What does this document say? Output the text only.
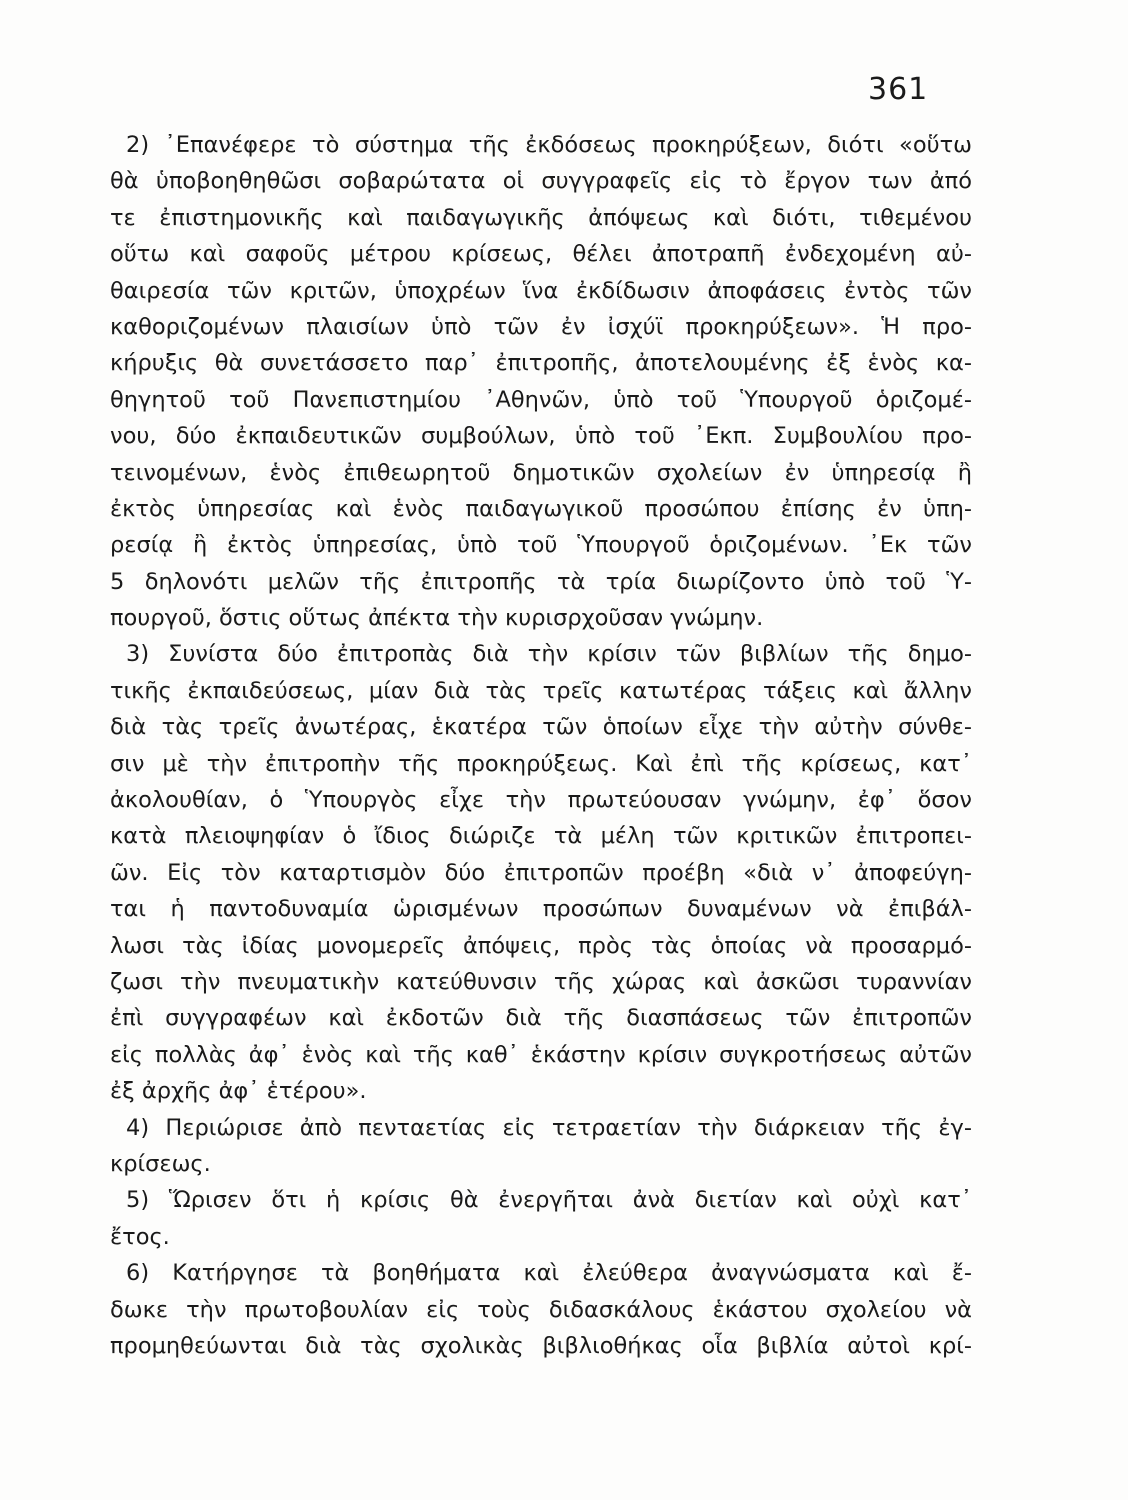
361
2) ᾿Επανέφερε τὸ σύστημα τῆς ἐκδόσεως προκηρύξεων, διότι «οὕτω
θὰ ὑποβοηθηθῶσι σοβαρώτατα οἱ συγγραφεῖς εἰς τὸ ἔργον των ἀπό
τε ἐπιστημονικῆς καὶ παιδαγωγικῆς ἀπόψεως καὶ διότι, τιθεμένου
οὕτω καὶ σαφοῦς μέτρου κρίσεως, θέλει ἀποτραπῆ ἐνδεχομένη αὐ-
θαιρεσία τῶν κριτῶν, ὑποχρέων ἵνα ἐκδίδωσιν ἀποφάσεις ἐντὸς τῶν
καθοριζομένων πλαισίων ὑπὸ τῶν ἐν ἰσχύϊ προκηρύξεων». Ἡ προ-
κήρυξις θὰ συνετάσσετο παρ᾿ ἐπιτροπῆς, ἀποτελουμένης ἐξ ἑνὸς κα-
θηγητοῦ τοῦ Πανεπιστημίου ᾿Αθηνῶν, ὑπὸ τοῦ Ὑπουργοῦ ὁριζομέ-
νου, δύο ἐκπαιδευτικῶν συμβούλων, ὑπὸ τοῦ ᾿Εκπ. Συμβουλίου προ-
τεινομένων, ἑνὸς ἐπιθεωρητοῦ δημοτικῶν σχολείων ἐν ὑπηρεσίᾳ ἢ
ἐκτὸς ὑπηρεσίας καὶ ἑνὸς παιδαγωγικοῦ προσώπου ἐπίσης ἐν ὑπη-
ρεσίᾳ ἢ ἐκτὸς ὑπηρεσίας, ὑπὸ τοῦ Ὑπουργοῦ ὁριζομένων. ᾿Εκ τῶν
5 δηλονότι μελῶν τῆς ἐπιτροπῆς τὰ τρία διωρίζοντο ὑπὸ τοῦ Ὑ-
πουργοῦ, ὅστις οὕτως ἀπέκτα τὴν κυρισρχοῦσαν γνώμην.
3) Συνίστα δύο ἐπιτροπὰς διὰ τὴν κρίσιν τῶν βιβλίων τῆς δημο-
τικῆς ἐκπαιδεύσεως, μίαν διὰ τὰς τρεῖς κατωτέρας τάξεις καὶ ἄλλην
διὰ τὰς τρεῖς ἀνωτέρας, ἑκατέρα τῶν ὁποίων εἶχε τὴν αὐτὴν σύνθε-
σιν μὲ τὴν ἐπιτροπὴν τῆς προκηρύξεως. Καὶ ἐπὶ τῆς κρίσεως, κατ᾿
ἀκολουθίαν, ὁ Ὑπουργὸς εἶχε τὴν πρωτεύουσαν γνώμην, ἐφ᾿ ὅσον
κατὰ πλειοψηφίαν ὁ ἴδιος διώριζε τὰ μέλη τῶν κριτικῶν ἐπιτροπει-
ῶν. Εἰς τὸν καταρτισμὸν δύο ἐπιτροπῶν προέβη «διὰ ν᾿ ἀποφεύγη-
ται ἡ παντοδυναμία ὡρισμένων προσώπων δυναμένων νὰ ἐπιβάλ-
λωσι τὰς ἰδίας μονομερεῖς ἀπόψεις, πρὸς τὰς ὁποίας νὰ προσαρμό-
ζωσι τὴν πνευματικὴν κατεύθυνσιν τῆς χώρας καὶ ἀσκῶσι τυραννίαν
ἐπὶ συγγραφέων καὶ ἐκδοτῶν διὰ τῆς διασπάσεως τῶν ἐπιτροπῶν
εἰς πολλὰς ἀφ᾿ ἑνὸς καὶ τῆς καθ᾿ ἑκάστην κρίσιν συγκροτήσεως αὐτῶν
ἐξ ἀρχῆς ἀφ᾿ ἑτέρου».
4) Περιώρισε ἀπὸ πενταετίας εἰς τετραετίαν τὴν διάρκειαν τῆς ἐγ-
κρίσεως.
5) Ὥρισεν ὅτι ἡ κρίσις θὰ ἐνεργῆται ἀνὰ διετίαν καὶ οὐχὶ κατ᾿
ἔτος.
6) Κατήργησε τὰ βοηθήματα καὶ ἐλεύθερα ἀναγνώσματα καὶ ἔ-
δωκε τὴν πρωτοβουλίαν εἰς τοὺς διδασκάλους ἑκάστου σχολείου νὰ
προμηθεύωνται διὰ τὰς σχολικὰς βιβλιοθήκας οἷα βιβλία αὐτοὶ κρί-
